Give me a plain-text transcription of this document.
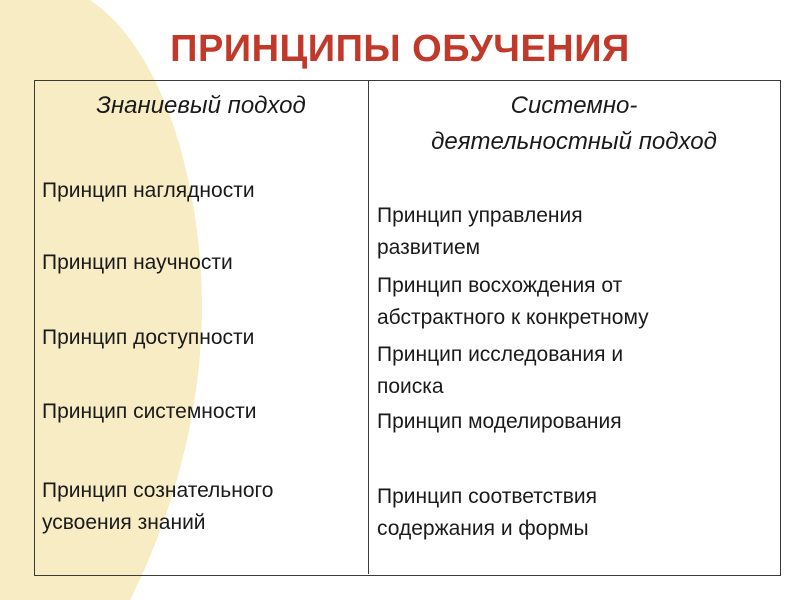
ПРИНЦИПЫ ОБУЧЕНИЯ
Знаниевый подход
Принцип наглядности
Принцип научности
Принцип доступности
Принцип системности
Принцип сознательного
усвоения знаний
Системно-
деятельностный подход
Принцип управления
развитием
Принцип восхождения от
абстрактного к конкретному
Принцип исследования и
поиска
Принцип моделирования
Принцип соответствия
содержания и формы
